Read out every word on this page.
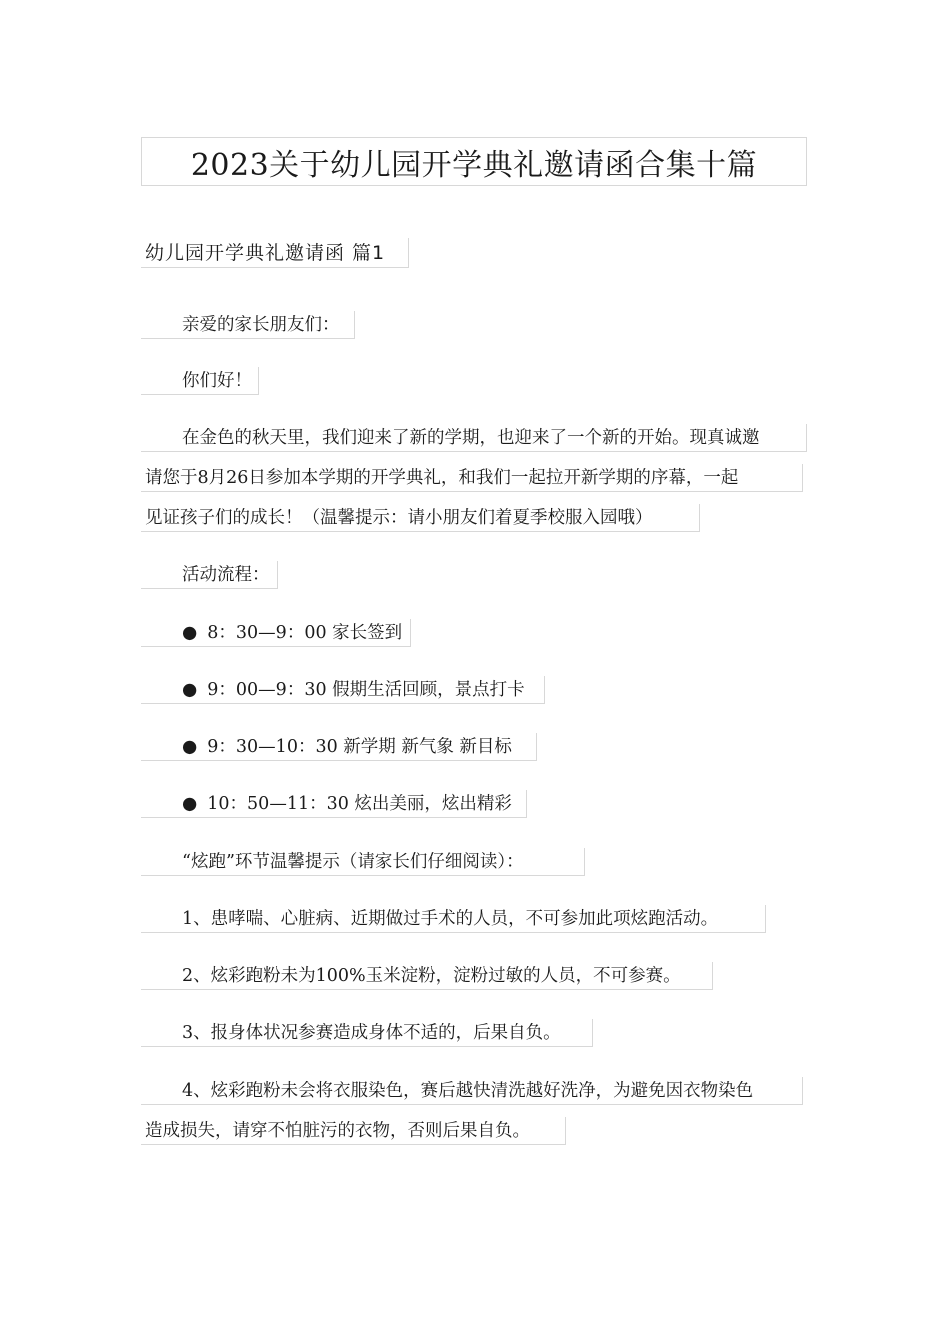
2023关于幼儿园开学典礼邀请函合集十篇
幼儿园开学典礼邀请函 篇1
亲爱的家长朋友们：
你们好！
在金色的秋天里，我们迎来了新的学期，也迎来了一个新的开始。现真诚邀
请您于8月26日参加本学期的开学典礼，和我们一起拉开新学期的序幕，一起
见证孩子们的成长！（温馨提示：请小朋友们着夏季校服入园哦）
活动流程：
● 8：30—9：00 家长签到
● 9：00—9：30 假期生活回顾，景点打卡
● 9：30—10：30 新学期 新气象 新目标
● 10：50—11：30 炫出美丽，炫出精彩
“炫跑”环节温馨提示（请家长们仔细阅读）：
1、患哮喘、心脏病、近期做过手术的人员，不可参加此项炫跑活动。
2、炫彩跑粉未为100%玉米淀粉，淀粉过敏的人员，不可参赛。
3、报身体状况参赛造成身体不适的，后果自负。
4、炫彩跑粉未会将衣服染色，赛后越快清洗越好洗净，为避免因衣物染色
造成损失，请穿不怕脏污的衣物，否则后果自负。
